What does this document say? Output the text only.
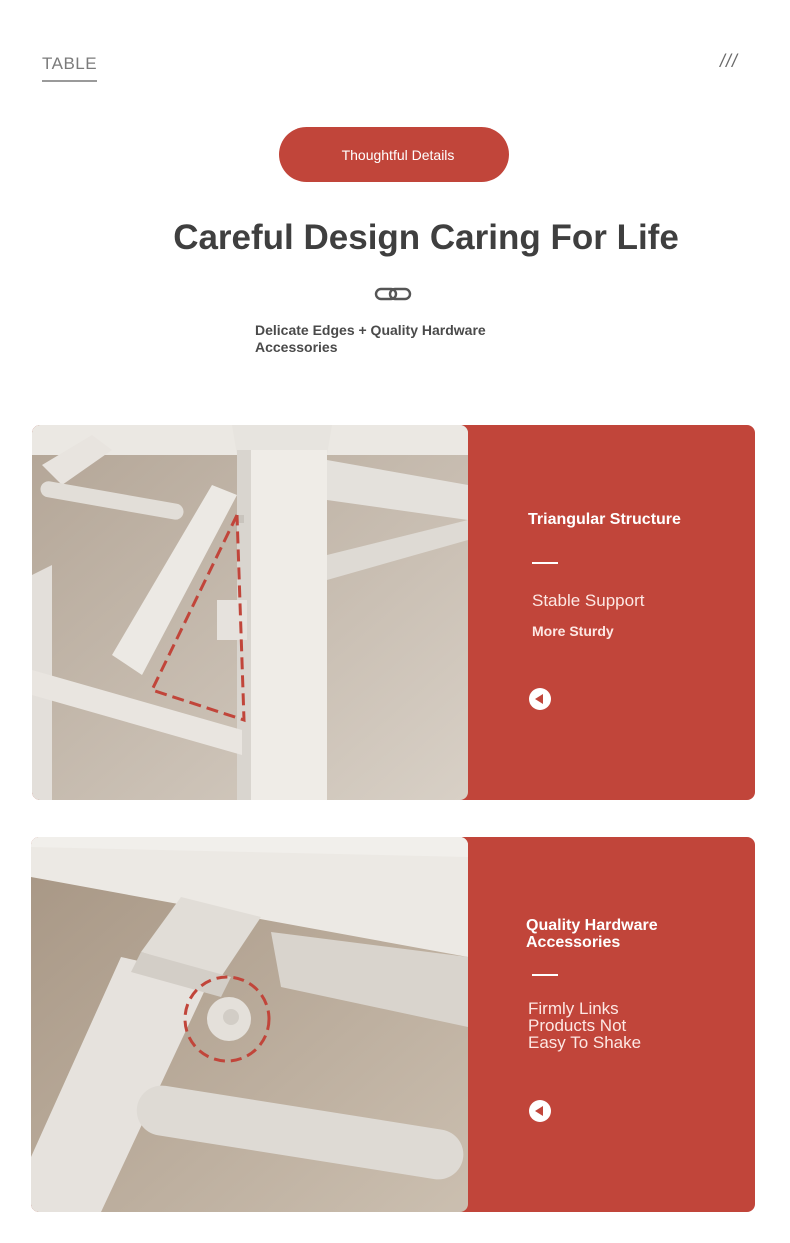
TABLE	///
Thoughtful Details
Careful Design Caring For Life
Delicate Edges + Quality Hardware Accessories
Triangular Structure
Stable Support
More Sturdy
Quality Hardware Accessories
Firmly Links Products Not Easy To Shake
